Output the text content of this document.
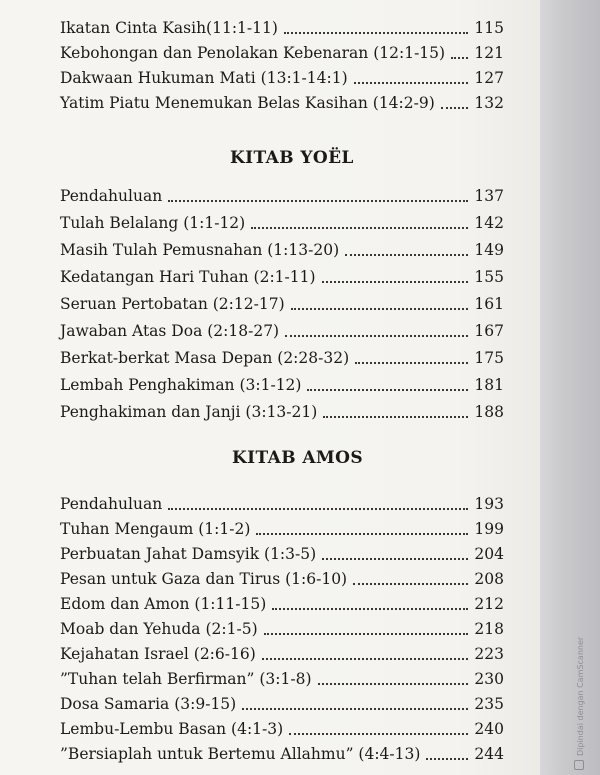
Ikatan Cinta Kasih(11:1-11)	115
Kebohongan dan Penolakan Kebenaran (12:1-15) 121
Dakwaan Hukuman Mati (13:1-14:1)	127
Yatim Piatu Menemukan Belas Kasihan (14:2-9)	132
KITAB YOËL
Pendahuluan	137
Tulah Belalang (1:1-12)	142
Masih Tulah Pemusnahan (1:13-20)	149
Kedatangan Hari Tuhan (2:1-11)	155
Seruan Pertobatan (2:12-17)	161
Jawaban Atas Doa (2:18-27)	167
Berkat-berkat Masa Depan (2:28-32)	175
Lembah Penghakiman (3:1-12)	181
Penghakiman dan Janji (3:13-21)	188
KITAB AMOS
Pendahuluan	193
Tuhan Mengaum (1:1-2)	199
Perbuatan Jahat Damsyik (1:3-5)	204
Pesan untuk Gaza dan Tirus (1:6-10)	208
Edom dan Amon (1:11-15)	212
Moab dan Yehuda (2:1-5)	218
Kejahatan Israel (2:6-16)	223
”Tuhan telah Berfirman” (3:1-8)	230
Dosa Samaria (3:9-15)	235
Lembu-Lembu Basan (4:1-3)	240
”Bersiaplah untuk Bertemu Allahmu” (4:4-13)	244	Dipindai dengan CamScanner
